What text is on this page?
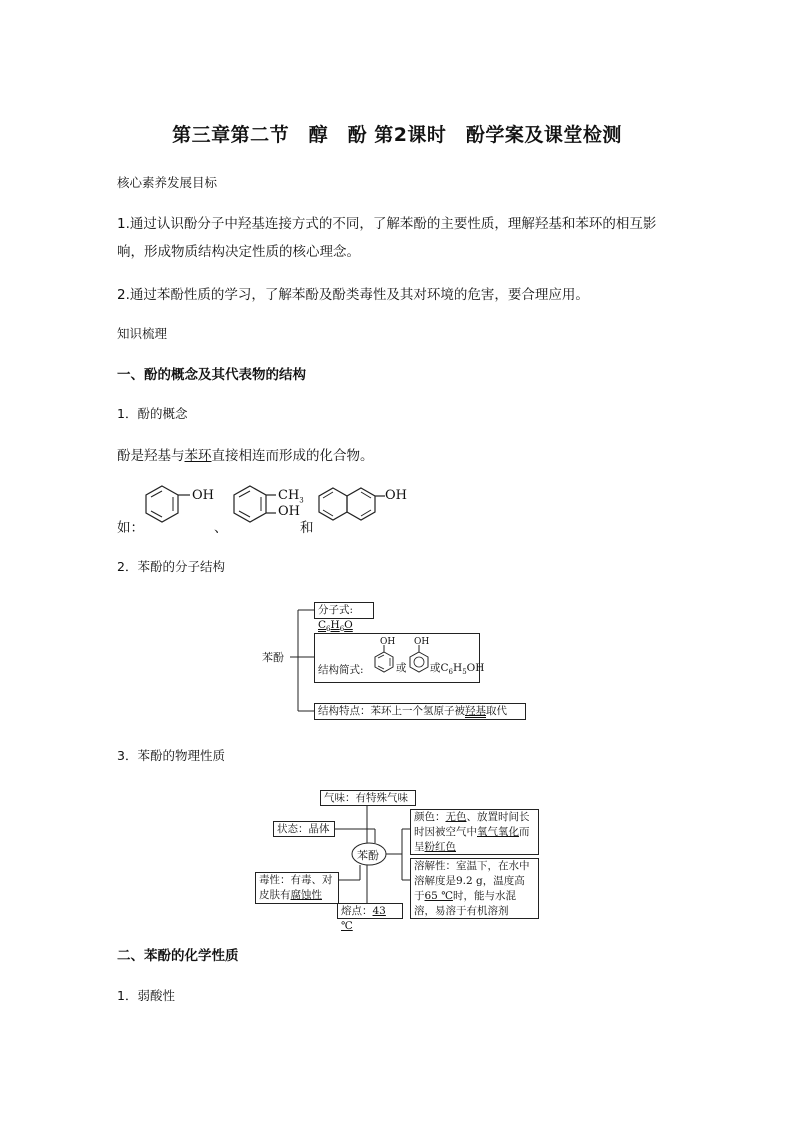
第三章第二节　醇　酚 第2课时　酚学案及课堂检测
核心素养发展目标
1.通过认识酚分子中羟基连接方式的不同，了解苯酚的主要性质，理解羟基和苯环的相互影
响，形成物质结构决定性质的核心理念。
2.通过苯酚性质的学习，了解苯酚及酚类毒性及其对环境的危害，要合理应用。
知识梳理
一、酚的概念及其代表物的结构
1．酚的概念
酚是羟基与苯环直接相连而形成的化合物。
如：
OH
、
$CH_3$
OH
和
OH
2．苯酚的分子结构
苯酚
分子式: $C_6H_6O$
结构简式:
OH
或
OH
或$C_6H_5OH$
结构特点：苯环上一个氢原子被羟基取代
3．苯酚的物理性质
苯酚
气味：有特殊气味
状态：晶体
颜色：无色、放置时间长时因被空气中氧气氧化而呈粉红色
毒性：有毒、对皮肤有腐蚀性
溶解性：室温下，在水中溶解度是9.2 g，温度高于65 ℃时，能与水混溶，易溶于有机溶剂
熔点：43 ℃
二、苯酚的化学性质
1．弱酸性
